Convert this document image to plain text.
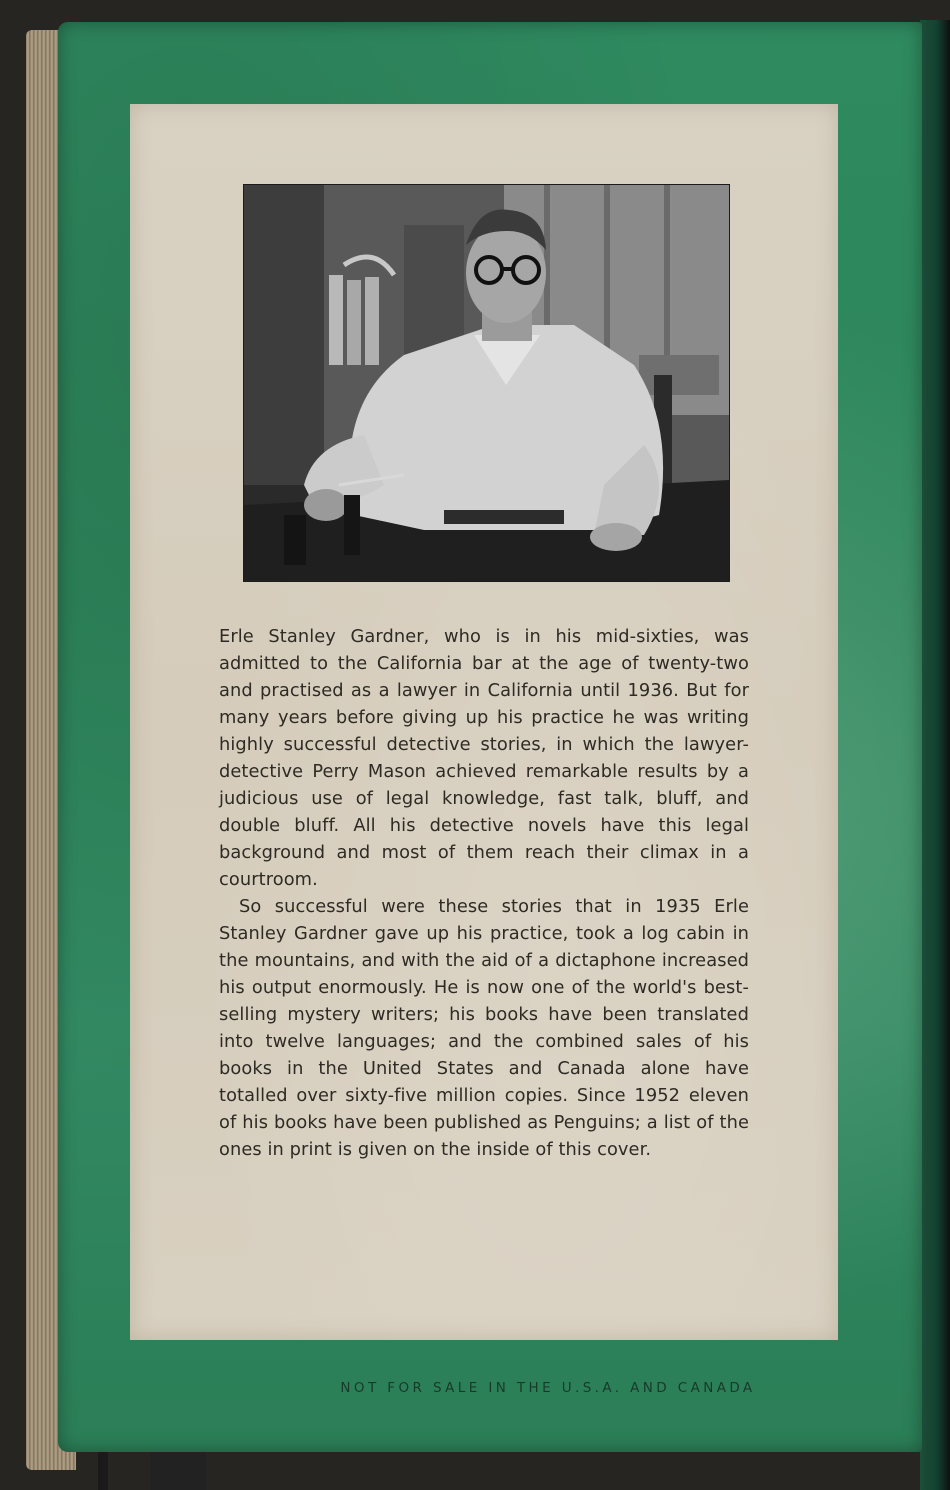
Erle Stanley Gardner, who is in his mid-sixties, was admitted to the California bar at the age of twenty-two and practised as a lawyer in California until 1936. But for many years before giving up his practice he was writing highly successful detective stories, in which the lawyer-detective Perry Mason achieved remarkable results by a judicious use of legal knowledge, fast talk, bluff, and double bluff. All his detective novels have this legal background and most of them reach their climax in a courtroom.

So successful were these stories that in 1935 Erle Stanley Gardner gave up his practice, took a log cabin in the mountains, and with the aid of a dictaphone increased his output enormously. He is now one of the world's best-selling mystery writers; his books have been translated into twelve languages; and the combined sales of his books in the United States and Canada alone have totalled over sixty-five million copies. Since 1952 eleven of his books have been published as Penguins; a list of the ones in print is given on the inside of this cover.

NOT FOR SALE IN THE U.S.A. AND CANADA
